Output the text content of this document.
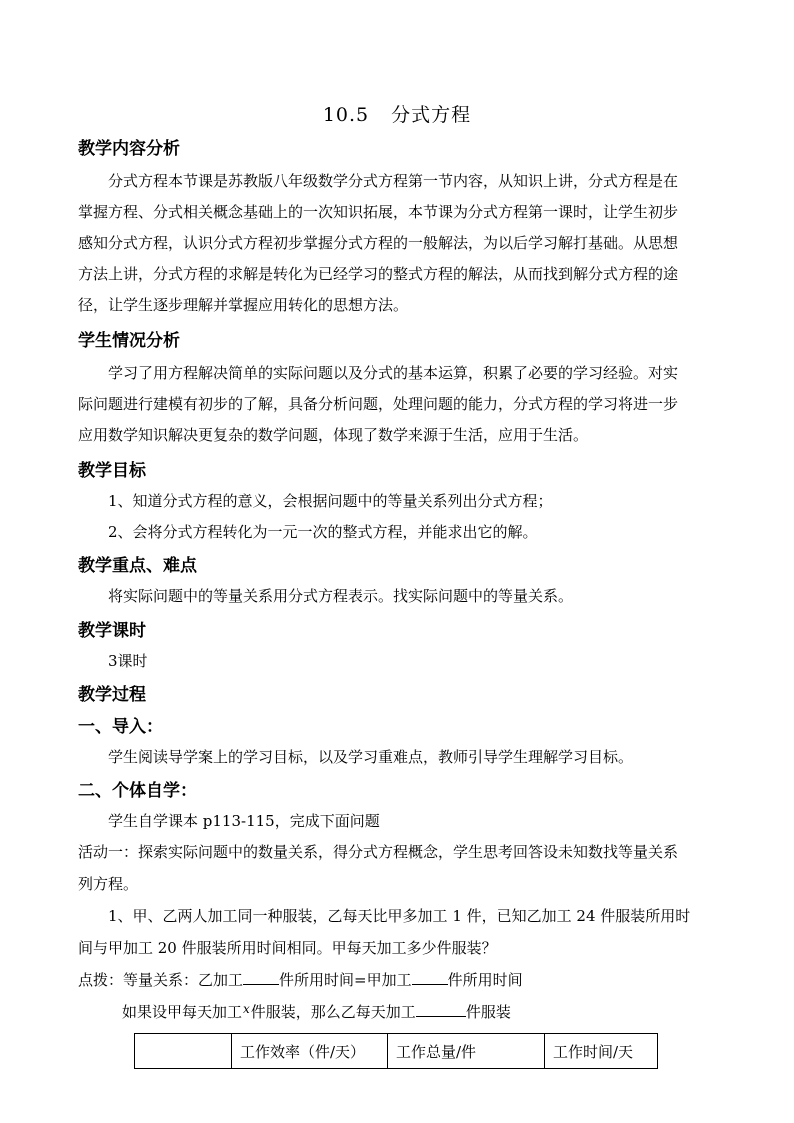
10.5 分式方程
教学内容分析
分式方程本节课是苏教版八年级数学分式方程第一节内容，从知识上讲，分式方程是在
掌握方程、分式相关概念基础上的一次知识拓展，本节课为分式方程第一课时，让学生初步
感知分式方程，认识分式方程初步掌握分式方程的一般解法，为以后学习解打基础。从思想
方法上讲，分式方程的求解是转化为已经学习的整式方程的解法，从而找到解分式方程的途
径，让学生逐步理解并掌握应用转化的思想方法。
学生情况分析
学习了用方程解决简单的实际问题以及分式的基本运算，积累了必要的学习经验。对实
际问题进行建模有初步的了解，具备分析问题，处理问题的能力，分式方程的学习将进一步
应用数学知识解决更复杂的数学问题，体现了数学来源于生活，应用于生活。
教学目标
1、知道分式方程的意义，会根据问题中的等量关系列出分式方程；
2、会将分式方程转化为一元一次的整式方程，并能求出它的解。
教学重点、难点
将实际问题中的等量关系用分式方程表示。找实际问题中的等量关系。
教学课时
3课时
教学过程
一、导入：
学生阅读导学案上的学习目标，以及学习重难点，教师引导学生理解学习目标。
二、个体自学：
学生自学课本 p113-115，完成下面问题
活动一：探索实际问题中的数量关系，得分式方程概念，学生思考回答设未知数找等量关系
列方程。
1、甲、乙两人加工同一种服装，乙每天比甲多加工 1 件，已知乙加工 24 件服装所用时
间与甲加工 20 件服装所用时间相同。甲每天加工多少件服装？
点拨：等量关系：乙加工 件所用时间=甲加工 件所用时间
如果设甲每天加工$^x$件服装，那么乙每天加工	件服装
	工作效率（件/天）	工作总量/件	工作时间/天
